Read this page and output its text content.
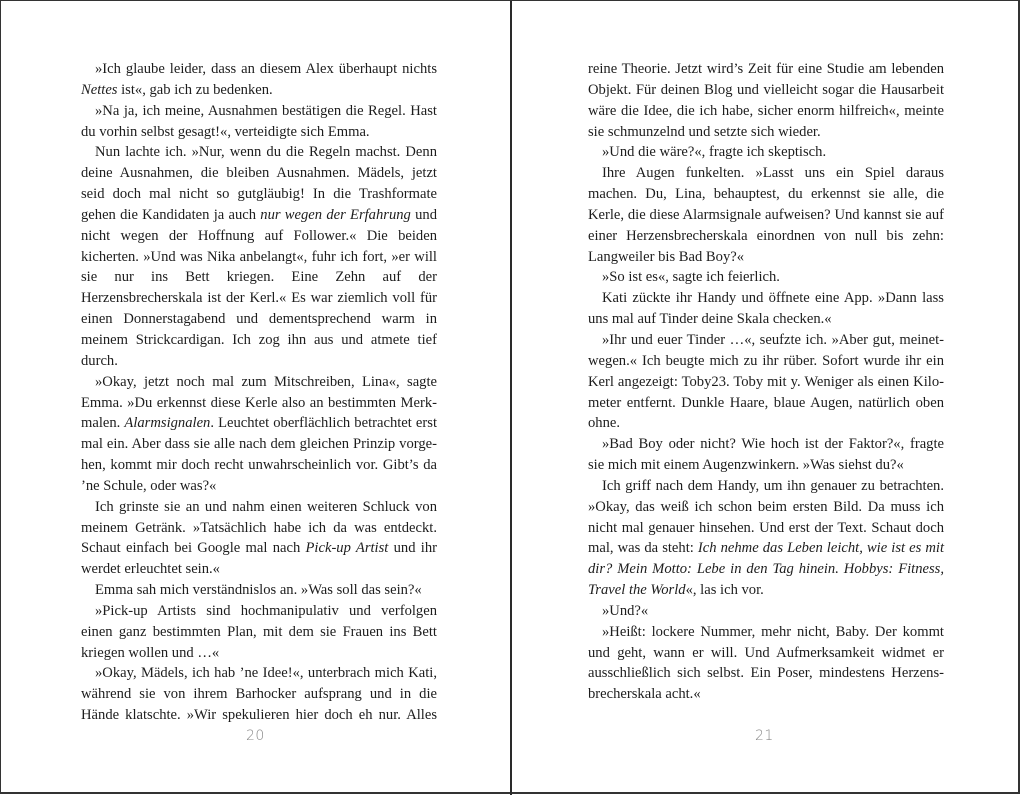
»Ich glaube leider, dass an diesem Alex überhaupt nichts Nettes ist«, gab ich zu bedenken.

»Na ja, ich meine, Ausnahmen bestätigen die Regel. Hast du vorhin selbst gesagt!«, verteidigte sich Emma.

Nun lachte ich. »Nur, wenn du die Regeln machst. Denn deine Ausnahmen, die bleiben Ausnahmen. Mädels, jetzt seid doch mal nicht so gutgläubig! In die Trashformate gehen die Kandidaten ja auch nur wegen der Erfahrung und nicht wegen der Hoffnung auf Follower.« Die beiden kicherten. »Und was Nika anbelangt«, fuhr ich fort, »er will sie nur ins Bett kriegen. Eine Zehn auf der Herzensbrecherskala ist der Kerl.« Es war ziemlich voll für einen Donnerstagabend und dementsprechend warm in meinem Strickcardigan. Ich zog ihn aus und atmete tief durch.

»Okay, jetzt noch mal zum Mitschreiben, Lina«, sagte Emma. »Du erkennst diese Kerle also an bestimmten Merkmalen. Alarmsignalen. Leuchtet oberflächlich betrachtet erst mal ein. Aber dass sie alle nach dem gleichen Prinzip vorgehen, kommt mir doch recht unwahrscheinlich vor. Gibt’s da ’ne Schule, oder was?«

Ich grinste sie an und nahm einen weiteren Schluck von meinem Getränk. »Tatsächlich habe ich da was entdeckt. Schaut einfach bei Google mal nach Pick-up Artist und ihr werdet erleuchtet sein.«

Emma sah mich verständnislos an. »Was soll das sein?«

»Pick-up Artists sind hochmanipulativ und verfolgen einen ganz bestimmten Plan, mit dem sie Frauen ins Bett kriegen wollen und …«

»Okay, Mädels, ich hab ’ne Idee!«, unterbrach mich Kati, während sie von ihrem Barhocker aufsprang und in die Hände klatschte. »Wir spekulieren hier doch eh nur. Alles

20

reine Theorie. Jetzt wird’s Zeit für eine Studie am lebenden Objekt. Für deinen Blog und vielleicht sogar die Hausarbeit wäre die Idee, die ich habe, sicher enorm hilfreich«, meinte sie schmunzelnd und setzte sich wieder.

»Und die wäre?«, fragte ich skeptisch.

Ihre Augen funkelten. »Lasst uns ein Spiel daraus machen. Du, Lina, behauptest, du erkennst sie alle, die Kerle, die diese Alarmsignale aufweisen? Und kannst sie auf einer Herzensbrecherskala einordnen von null bis zehn: Langweiler bis Bad Boy?«

»So ist es«, sagte ich feierlich.

Kati zückte ihr Handy und öffnete eine App. »Dann lass uns mal auf Tinder deine Skala checken.«

»Ihr und euer Tinder …«, seufzte ich. »Aber gut, meinetwegen.« Ich beugte mich zu ihr rüber. Sofort wurde ihr ein Kerl angezeigt: Toby23. Toby mit y. Weniger als einen Kilometer entfernt. Dunkle Haare, blaue Augen, natürlich oben ohne.

»Bad Boy oder nicht? Wie hoch ist der Faktor?«, fragte sie mich mit einem Augenzwinkern. »Was siehst du?«

Ich griff nach dem Handy, um ihn genauer zu betrachten. »Okay, das weiß ich schon beim ersten Bild. Da muss ich nicht mal genauer hinsehen. Und erst der Text. Schaut doch mal, was da steht: Ich nehme das Leben leicht, wie ist es mit dir? Mein Motto: Lebe in den Tag hinein. Hobbys: Fitness, Travel the World«, las ich vor.

»Und?«

»Heißt: lockere Nummer, mehr nicht, Baby. Der kommt und geht, wann er will. Und Aufmerksamkeit widmet er ausschließlich sich selbst. Ein Poser, mindestens Herzensbrecherskala acht.«

21
